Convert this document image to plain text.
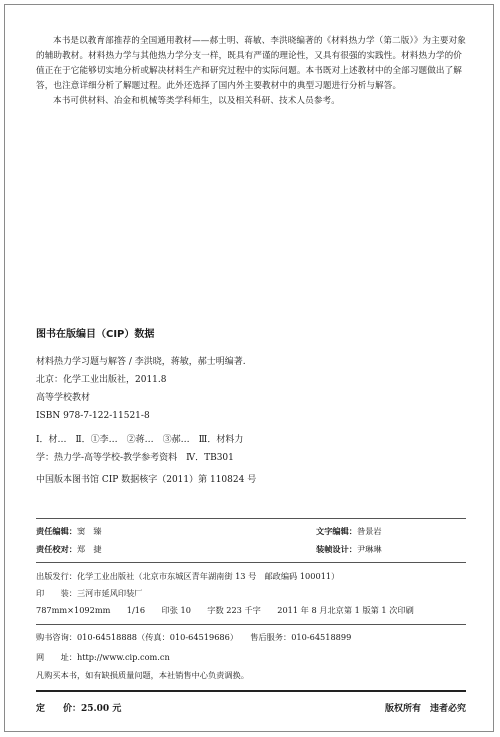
本书是以教育部推荐的全国通用教材——郝士明、蒋敏、李洪晓编著的《材料热力学（第二版）》为主要对象的辅助教材。材料热力学与其他热力学分支一样，既具有严谨的理论性，又具有很强的实践性。材料热力学的价值正在于它能够切实地分析或解决材料生产和研究过程中的实际问题。本书既对上述教材中的全部习题做出了解答，也注意详细分析了解题过程。此外还选择了国内外主要教材中的典型习题进行分析与解答。

本书可供材料、冶金和机械等类学科师生，以及相关科研、技术人员参考。

图书在版编目（CIP）数据
材料热力学习题与解答 / 李洪晓，蒋敏，郝士明编著.
北京：化学工业出版社，2011.8
高等学校教材
ISBN 978-7-122-11521-8
Ⅰ．材…　Ⅱ．①李…　②蒋…　③郝…　Ⅲ．材料力
学：热力学-高等学校-教学参考资料　Ⅳ．TB301
中国版本图书馆 CIP 数据核字（2011）第 110824 号
责任编辑：窦　臻	文字编辑：昝景岩
责任校对：郑　捷	装帧设计：尹琳琳
出版发行：化学工业出版社（北京市东城区青年湖南街 13 号　邮政编码 100011）
印　　装：三河市延风印装厂
787mm×1092mm　　1/16　　印张 10　　字数 223 千字　　2011 年 8 月北京第 1 版第 1 次印刷
购书咨询：010-64518888（传真：010-64519686）　　售后服务：010-64518899
网　　址：http://www.cip.com.cn
凡购买本书，如有缺损质量问题，本社销售中心负责调换。
定　　价：25.00 元	版权所有　违者必究
